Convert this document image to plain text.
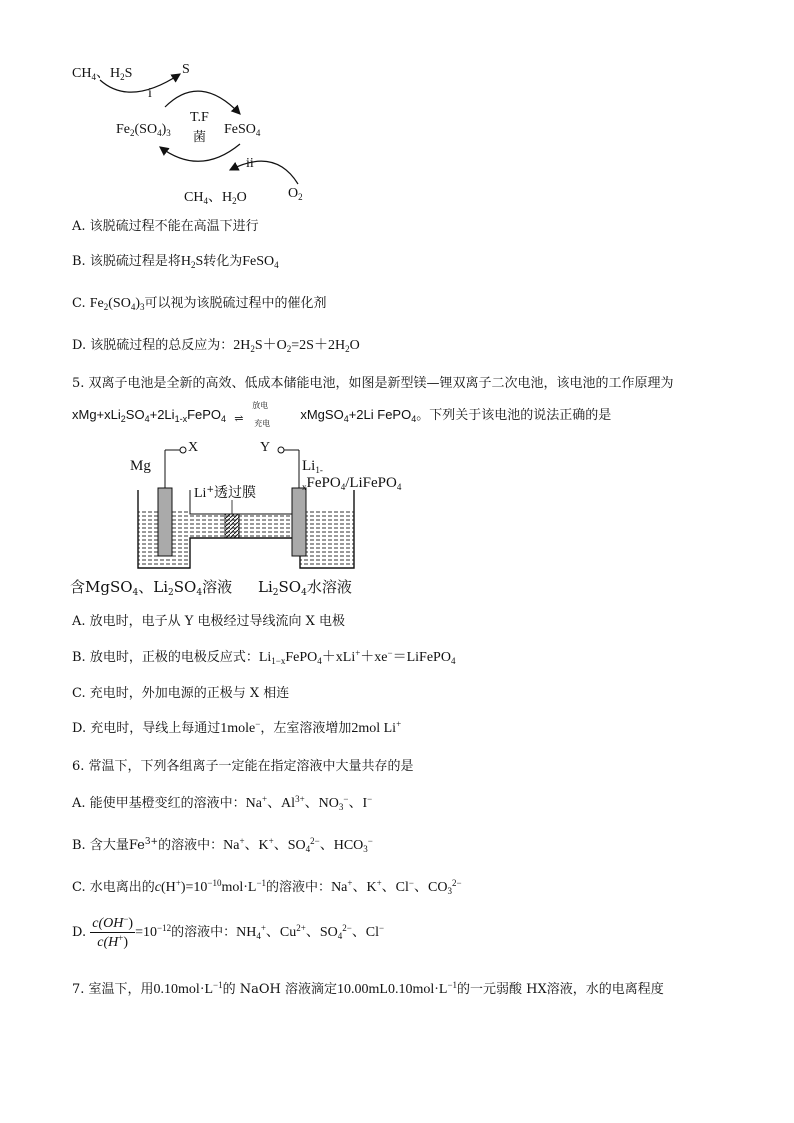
$CH_4$、$H_2S$	S
i
T.F
菌
$Fe_2(SO_4)_3$	FeSO$_4$
ii
$CH_4$、$H_2O$	$O_2$
A. 该脱硫过程不能在高温下进行
B. 该脱硫过程是将$H_2S$转化为FeSO$_4$
C. $Fe_2(SO_4)_3$可以视为该脱硫过程中的催化剂
D. 该脱硫过程的总反应为：$2H_2S+O_2=2S+2H_2O$
5. 双离子电池是全新的高效、低成本储能电池，如图是新型镁—锂双离子二次电池，该电池的工作原理为
$xMg+xLi_2SO_4+2Li_{1-x}FePO_4$
放电
⇌ 充电
xMgSO$_4$+2Li FePO$_4$。下列关于该电池的说法正确的是
X	Y
Mg	$Li_{1-x}FePO_4/LiFePO_4$
Li+透过膜
含MgSO$_4$、$Li_2SO_4$溶液 $Li_2SO_4$水溶液
A. 放电时，电子从 Y 电极经过导线流向 X 电极
B. 放电时，正极的电极反应式：$Li_{1-x}FePO_4+xLi^++xe^-=LiFePO_4$
C. 充电时，外加电源的正极与 X 相连
D. 充电时，导线上每通过1mole−，左室溶液增加2mol Li+
6. 常温下，下列各组离子一定能在指定溶液中大量共存的是
A. 能使甲基橙变红的溶液中：Na+、$Al^{3+}$、$NO_3^-$、I−
B. 含大量$Fe^{3+}$的溶液中：Na+、K+、$SO_4^{2-}$、$HCO_3^-$
C. 水电离出的$c(H^+)=10^{-10}mol\cdot L^{-1}$的溶液中：Na+、K+、Cl−、$CO_3^{2-}$
D. $\frac{c(OH^-)}{c(H^+)} =10^{-12}$的溶液中：$NH_4^+$、$Cu^{2+}$、$SO_4^{2-}$、Cl−
7. 室温下，用$0.10mol\cdot L^{-1}$的 NaOH 溶液滴定$10.00mL0.10mol\cdot L^{-1}$的一元弱酸 HX溶液，水的电离程度
